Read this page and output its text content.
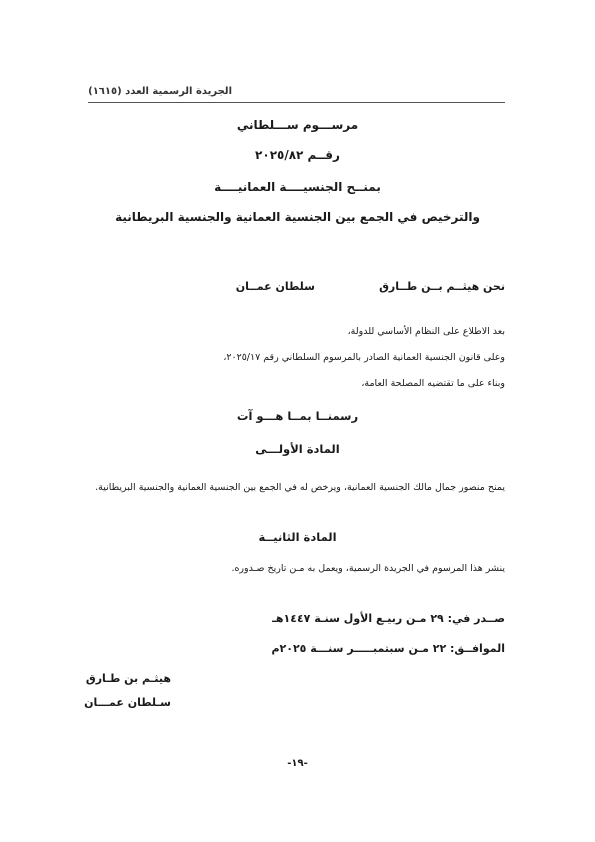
الجريدة الرسمية العدد (١٦١٥)
مرســـوم ســـلطاني
رقــم ٢٠٢٥/٨٢
بمنــح الجنسيــــة العمانيــــة
والترخيص في الجمع بين الجنسية العمانية والجنسية البريطانية
نحن هيثــم بــن طــارق
سلطان عمــان
بعد الاطلاع على النظام الأساسي للدولة،
وعلى قانون الجنسية العمانية الصادر بالمرسوم السلطاني رقم ٢٠٢٥/١٧،
وبناء على ما تقتضيه المصلحة العامة،
رسمنــا بمــا هـــو آت
المادة الأولـــى
يمنح منصور جمال مالك الجنسية العمانية، ويرخص له في الجمع بين الجنسية العمانية والجنسية البريطانية.
المادة الثانيــة
ينشر هذا المرسوم في الجريدة الرسمية، ويعمل به مـن تاريخ صـدوره.
صــدر في: ٢٩ مـن ربيـع الأول سنـة ١٤٤٧هـ
الموافــق: ٢٢ مـن سبتمبـــــر سنـــة ٢٠٢٥م
هيثـم بن طـارق
سـلطان عمـــان
-١٩-
